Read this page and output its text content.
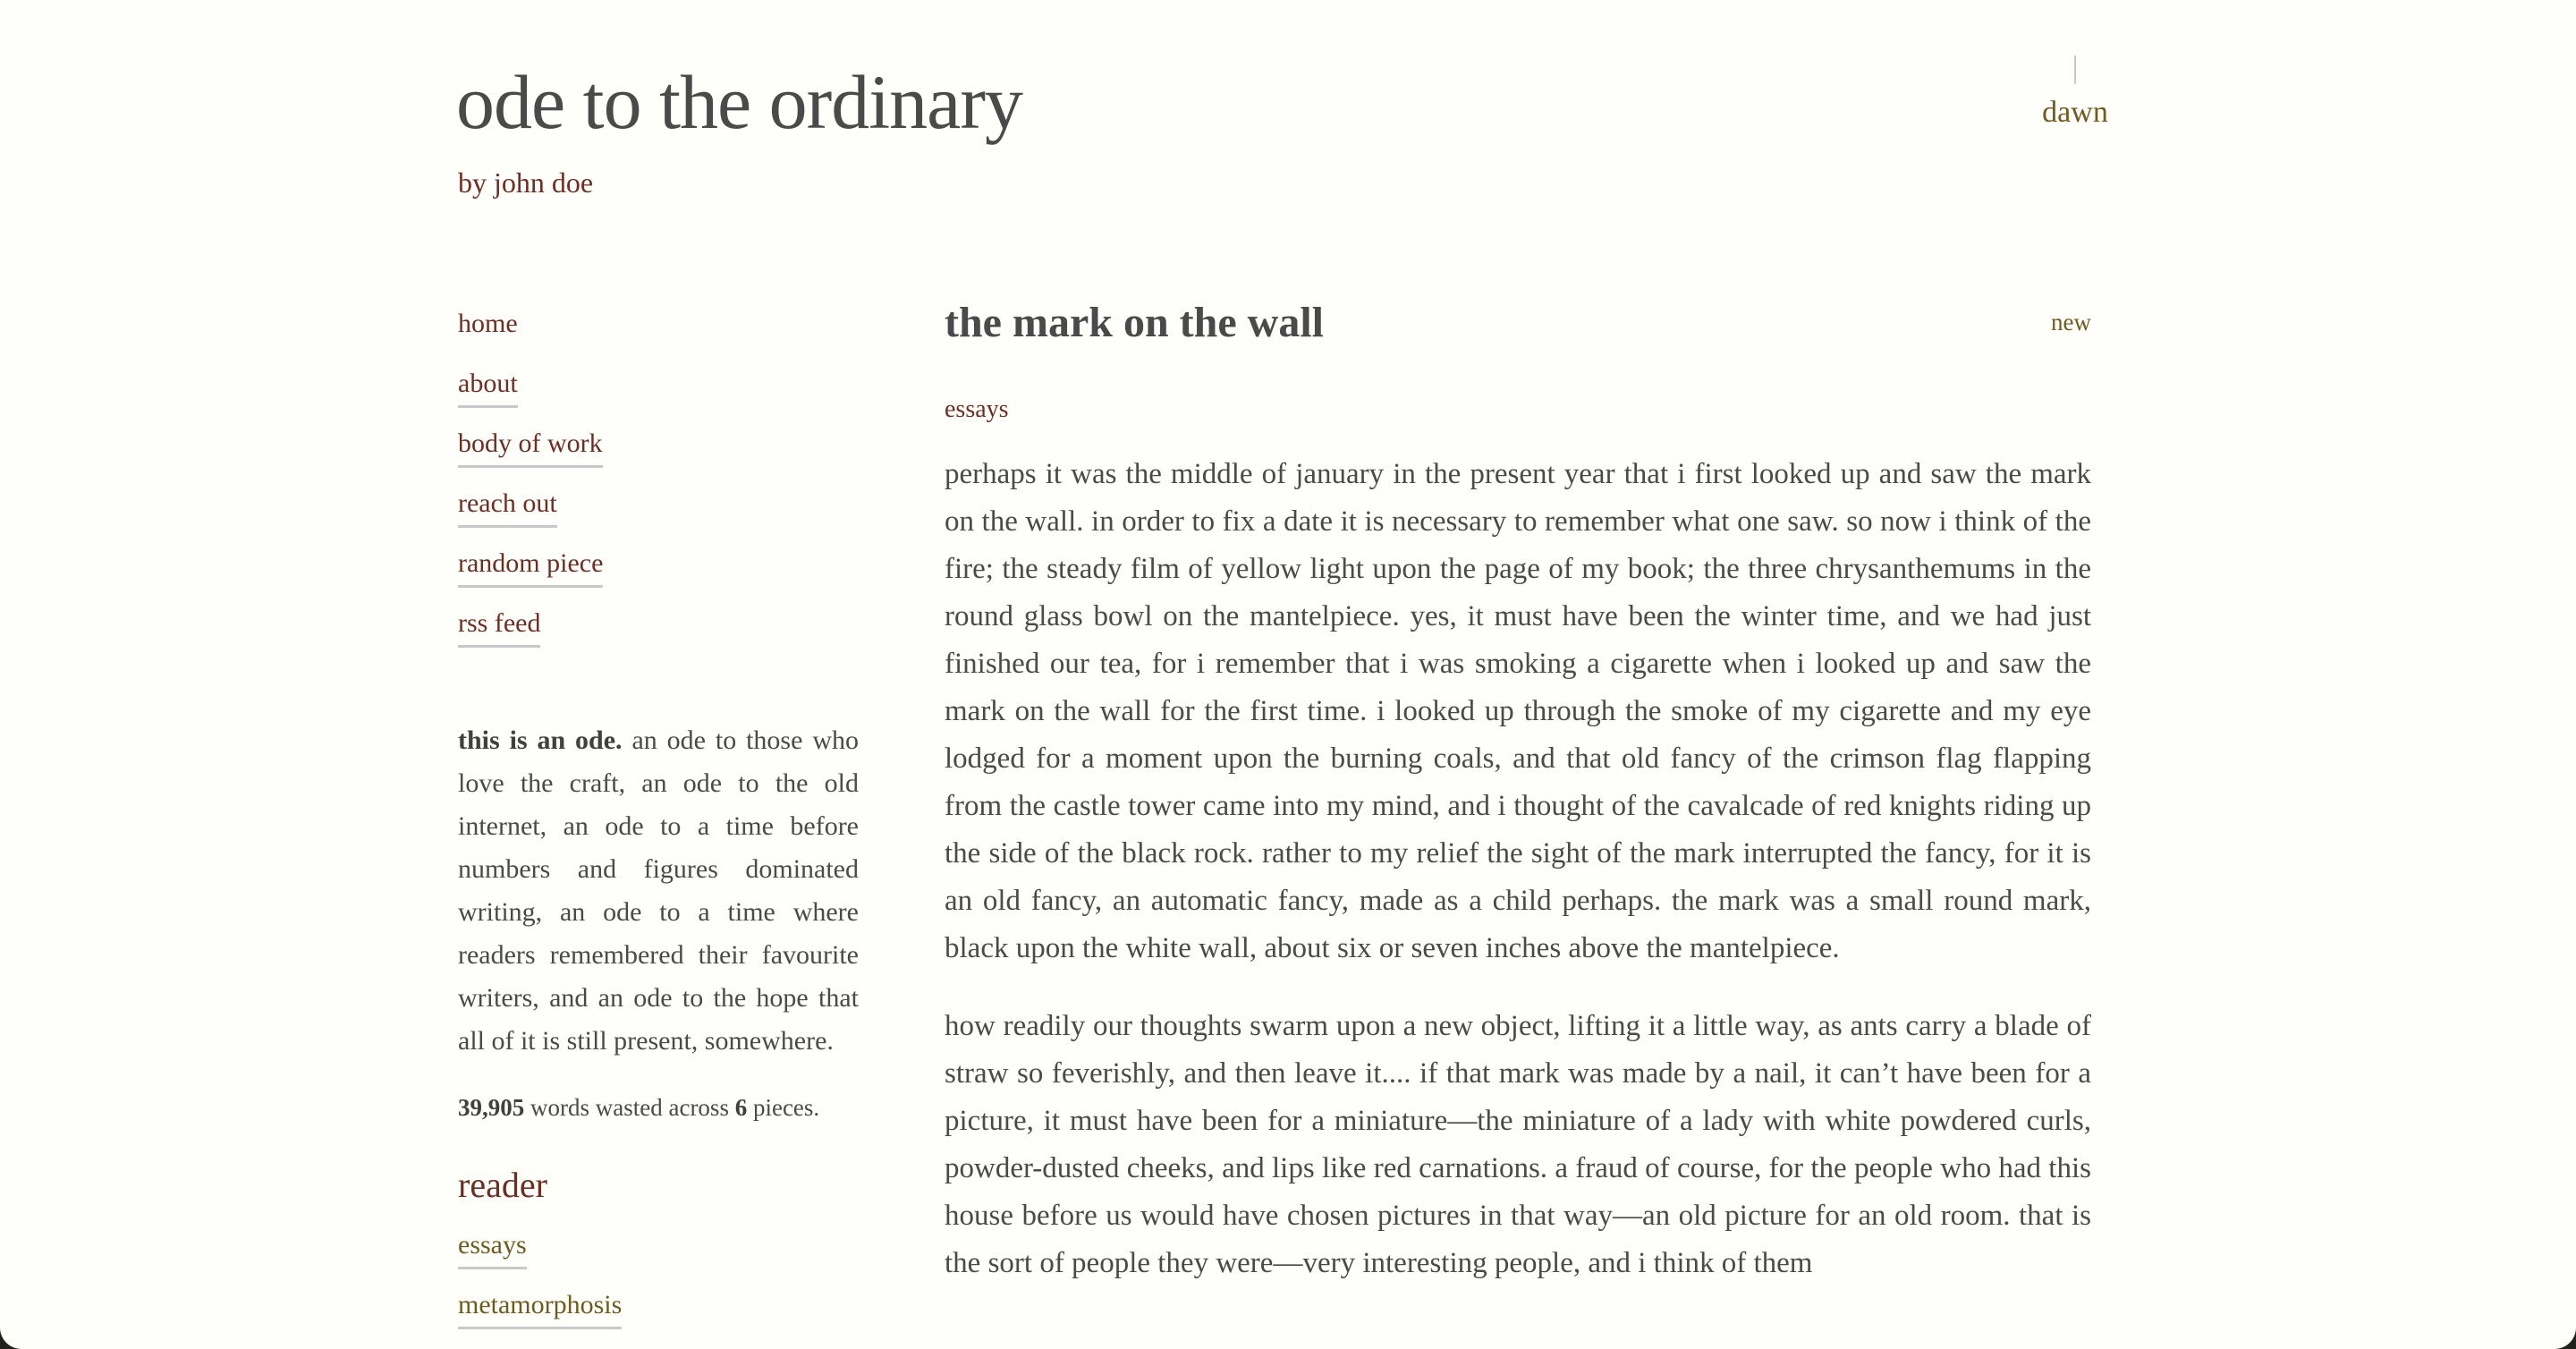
ode to the ordinary
by john doe
dawn
home
about
body of work
reach out
random piece
rss feed

this is an ode. an ode to those who love the craft, an ode to the old internet, an ode to a time before numbers and figures dominated writing, an ode to a time where readers remembered their favourite writers, and an ode to the hope that all of it is still present, somewhere.

39,905 words wasted across 6 pieces.
reader
essays
metamorphosis
the mark on the wall	new
essays

perhaps it was the middle of january in the present year that i first looked up and saw the mark on the wall. in order to fix a date it is necessary to remember what one saw. so now i think of the fire; the steady film of yellow light upon the page of my book; the three chrysanthemums in the round glass bowl on the mantelpiece. yes, it must have been the winter time, and we had just finished our tea, for i remember that i was smoking a cigarette when i looked up and saw the mark on the wall for the first time. i looked up through the smoke of my cigarette and my eye lodged for a moment upon the burning coals, and that old fancy of the crimson flag flapping from the castle tower came into my mind, and i thought of the cavalcade of red knights riding up the side of the black rock. rather to my relief the sight of the mark interrupted the fancy, for it is an old fancy, an automatic fancy, made as a child perhaps. the mark was a small round mark, black upon the white wall, about six or seven inches above the mantelpiece.

how readily our thoughts swarm upon a new object, lifting it a little way, as ants carry a blade of straw so feverishly, and then leave it.... if that mark was made by a nail, it can’t have been for a picture, it must have been for a miniature—the miniature of a lady with white powdered curls, powder-dusted cheeks, and lips like red carnations. a fraud of course, for the people who had this house before us would have chosen pictures in that way—an old picture for an old room. that is the sort of people they were—very interesting people, and i think of them
